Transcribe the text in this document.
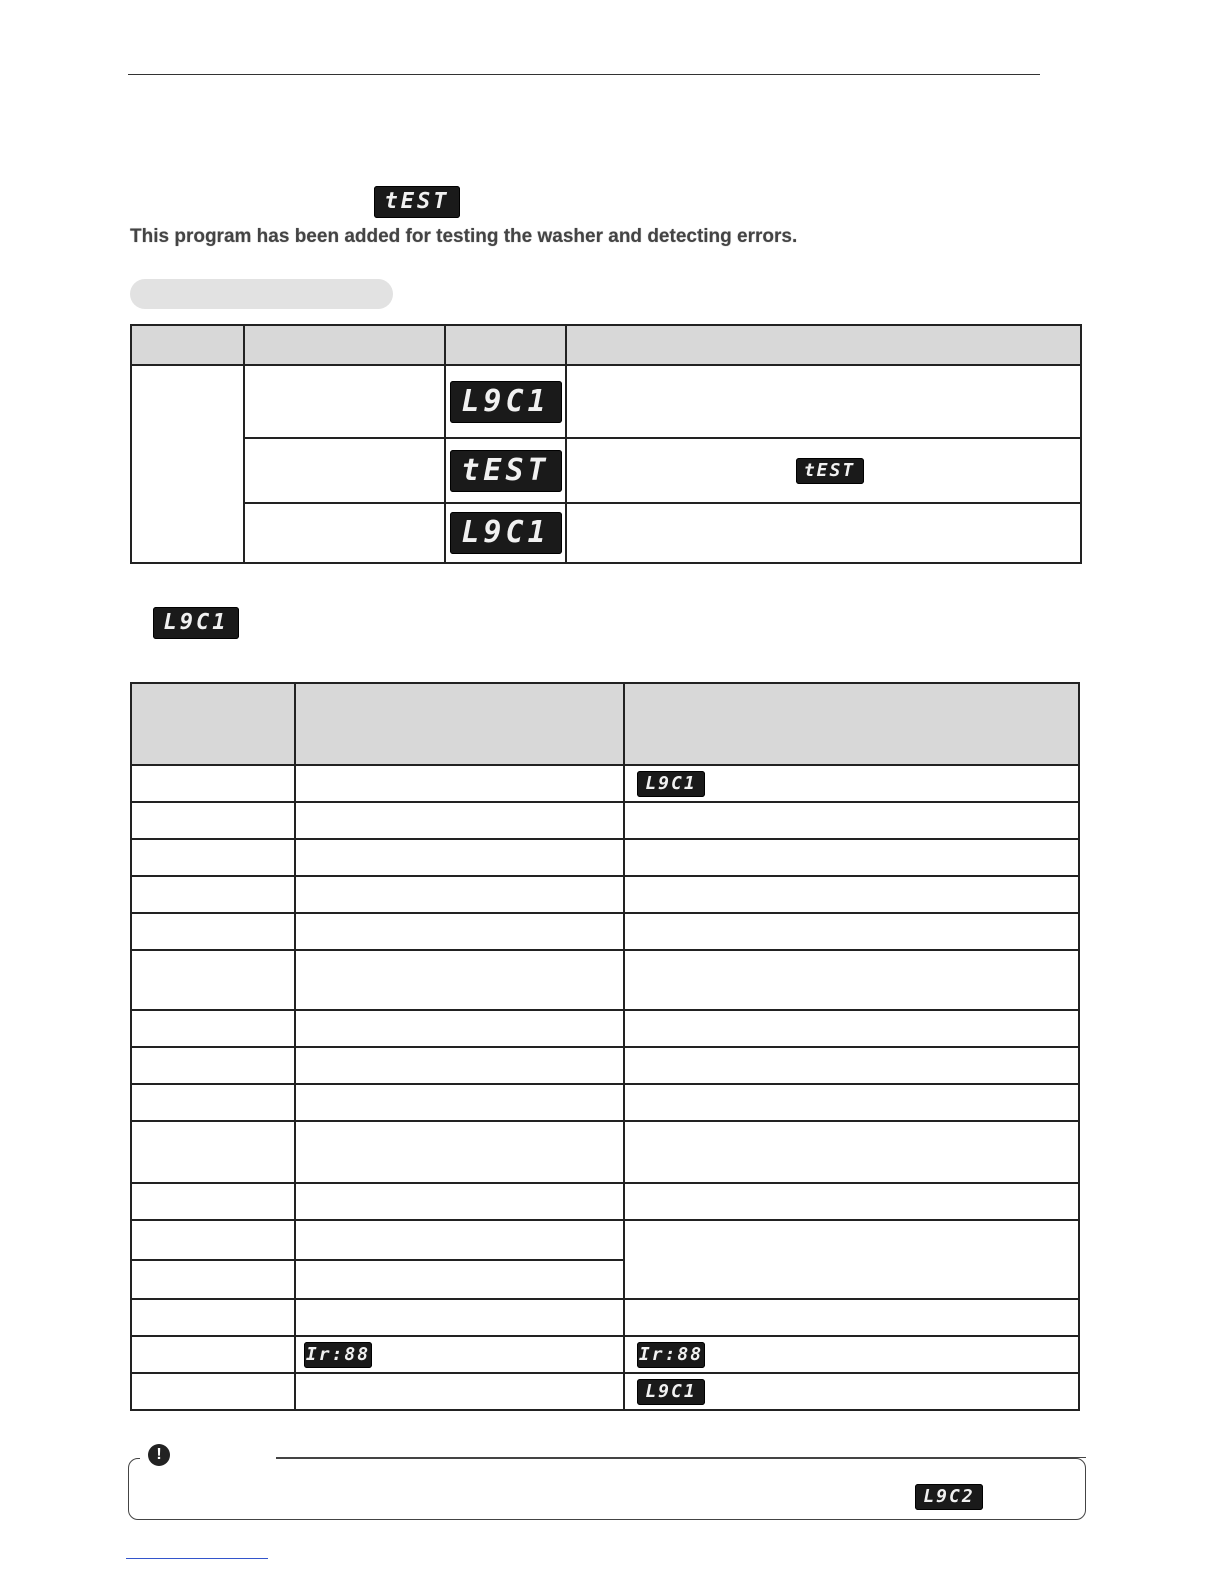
tEST
This program has been added for testing the washer and detecting errors.

		L9C1	
		tEST	tEST
		L9C1	
L9C1

		L9C1

	Ir:88	Ir:88
		L9C1
!
L9C2
